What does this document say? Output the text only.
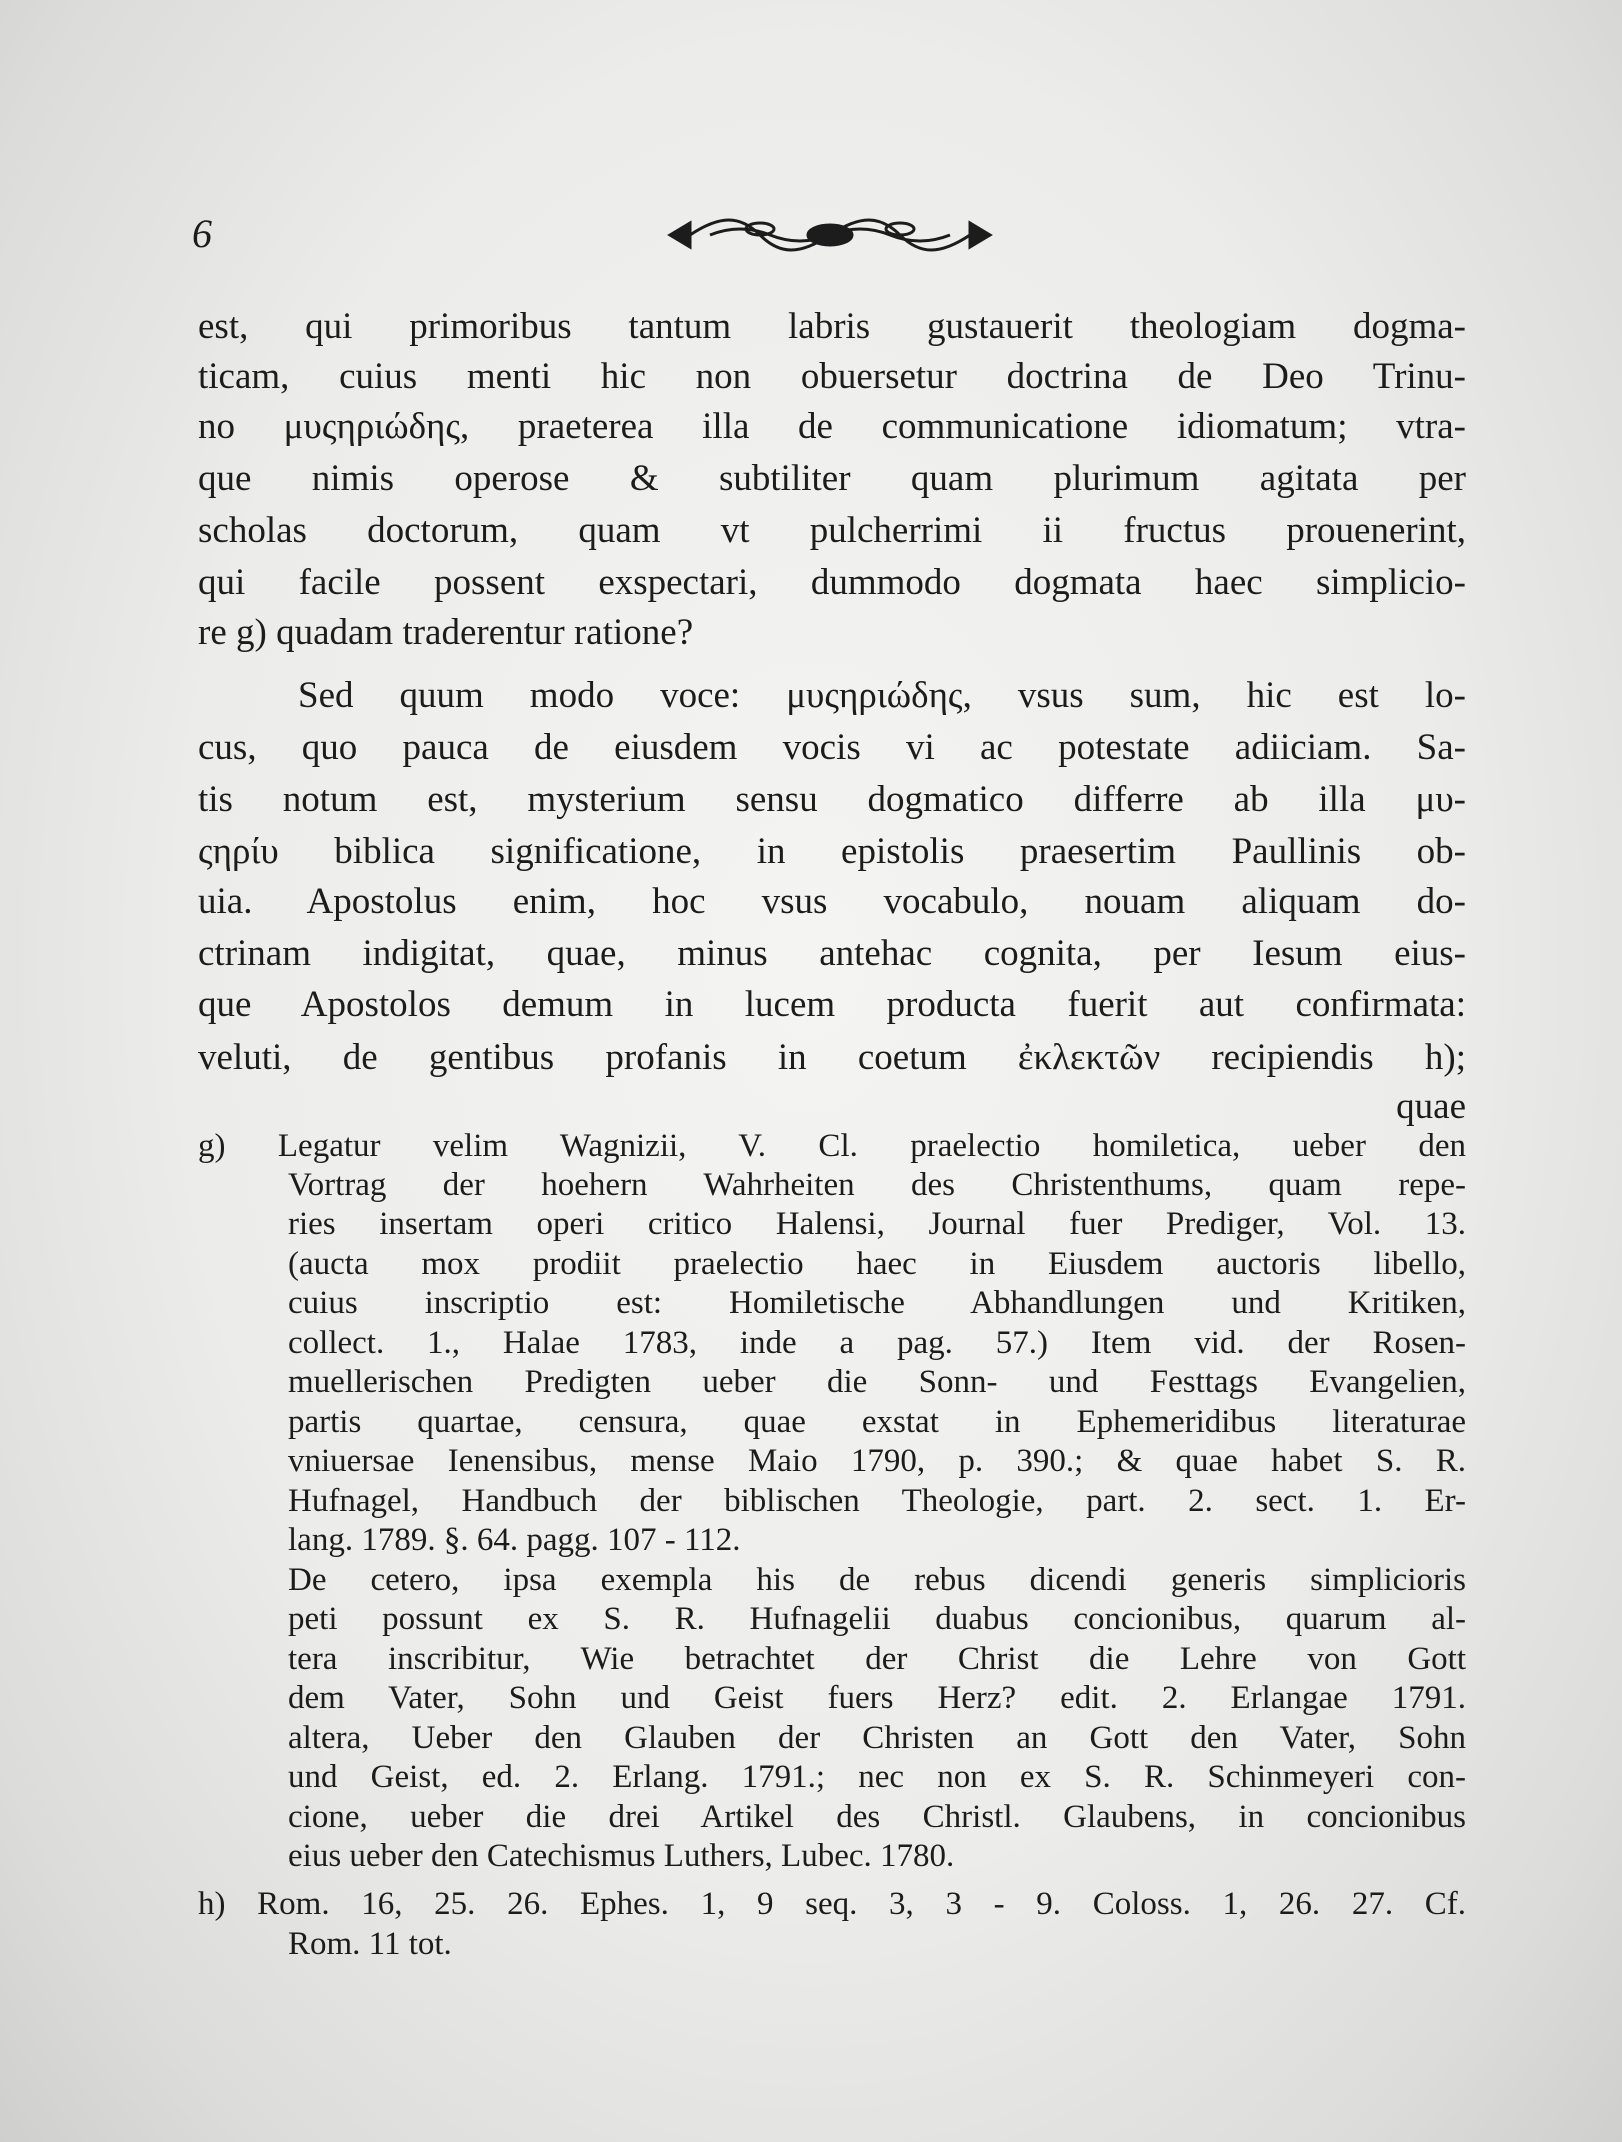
6
est, qui primoribus tantum labris gustauerit theologiam dogma-
ticam, cuius menti hic non obuersetur doctrina de Deo Trinu-
no μυςηριώδης, praeterea illa de communicatione idiomatum; vtra-
que nimis operose & subtiliter quam plurimum agitata per
scholas doctorum, quam vt pulcherrimi ii fructus prouenerint,
qui facile possent exspectari, dummodo dogmata haec simplicio-
re g) quadam traderentur ratione?
Sed quum modo voce: μυςηριώδης, vsus sum, hic est lo-
cus, quo pauca de eiusdem vocis vi ac potestate adiiciam. Sa-
tis notum est, mysterium sensu dogmatico differre ab illa μυ-
ςηρίυ biblica significatione, in epistolis praesertim Paullinis ob-
uia. Apostolus enim, hoc vsus vocabulo, nouam aliquam do-
ctrinam indigitat, quae, minus antehac cognita, per Iesum eius-
que Apostolos demum in lucem producta fuerit aut confirmata:
veluti, de gentibus profanis in coetum ἐκλεκτῶν recipiendis h);
quae
g) Legatur velim Wagnizii, V. Cl. praelectio homiletica, ueber den
Vortrag der hoehern Wahrheiten des Christenthums, quam repe-
ries insertam operi critico Halensi, Journal fuer Prediger, Vol. 13.
(aucta mox prodiit praelectio haec in Eiusdem auctoris libello,
cuius inscriptio est: Homiletische Abhandlungen und Kritiken,
collect. 1., Halae 1783, inde a pag. 57.) Item vid. der Rosen-
muellerischen Predigten ueber die Sonn- und Festtags Evangelien,
partis quartae, censura, quae exstat in Ephemeridibus literaturae
vniuersae Ienensibus, mense Maio 1790, p. 390.; & quae habet S. R.
Hufnagel, Handbuch der biblischen Theologie, part. 2. sect. 1. Er-
lang. 1789. §. 64. pagg. 107 - 112.
De cetero, ipsa exempla his de rebus dicendi generis simplicioris
peti possunt ex S. R. Hufnagelii duabus concionibus, quarum al-
tera inscribitur, Wie betrachtet der Christ die Lehre von Gott
dem Vater, Sohn und Geist fuers Herz? edit. 2. Erlangae 1791.
altera, Ueber den Glauben der Christen an Gott den Vater, Sohn
und Geist, ed. 2. Erlang. 1791.; nec non ex S. R. Schinmeyeri con-
cione, ueber die drei Artikel des Christl. Glaubens, in concionibus
eius ueber den Catechismus Luthers, Lubec. 1780.
h) Rom. 16, 25. 26. Ephes. 1, 9 seq. 3, 3 - 9. Coloss. 1, 26. 27. Cf.
Rom. 11 tot.
